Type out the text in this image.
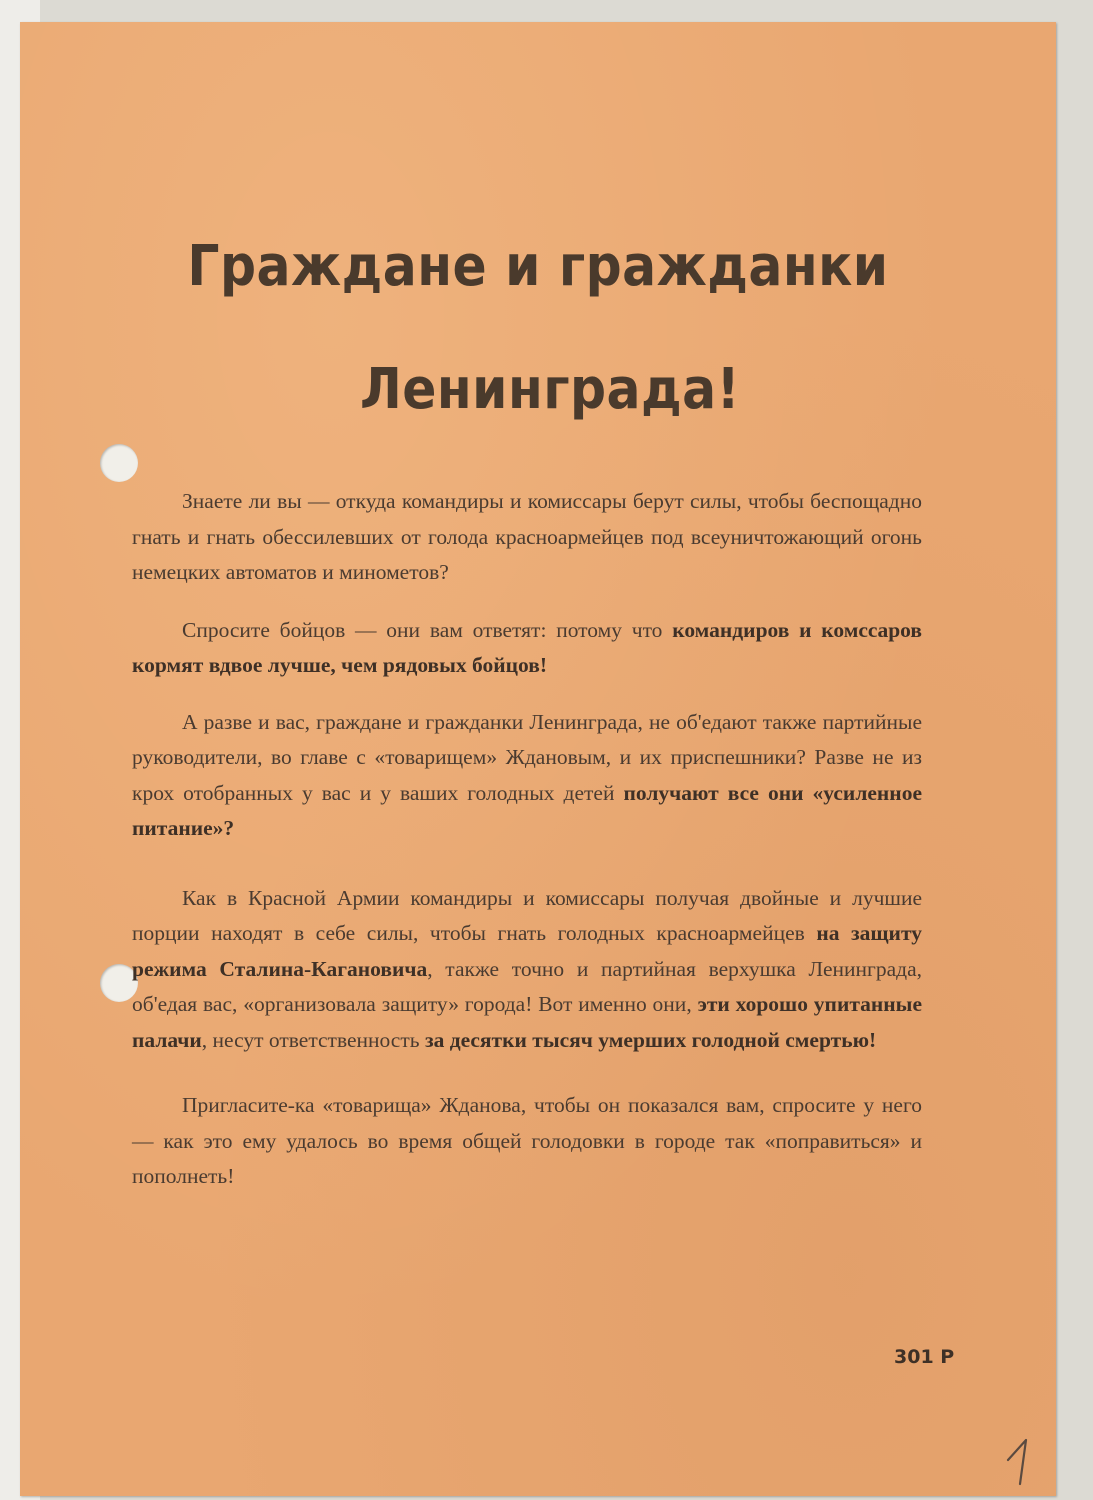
Граждане и гражданки
Ленинграда!

Знаете ли вы — откуда командиры и комиссары берут силы, чтобы беспощадно гнать и гнать обессилевших от голода красноармейцев под всеуничтожающий огонь немецких автоматов и минометов?

Спросите бойцов — они вам ответят: потому что командиров и комсcаров кормят вдвое лучше, чем рядовых бойцов!

А разве и вас, граждане и гражданки Ленинграда, не об'едают также партийные руководители, во главе с «товарищем» Ждановым, и их приспешники? Разве не из крох отобранных у вас и у ваших голодных детей получают все они «усиленное питание»?

Как в Красной Армии командиры и комиссары получая двойные и лучшие порции находят в себе силы, чтобы гнать голодных красноармейцев на защиту режима Сталина-Кагановича, также точно и партийная верхушка Ленинграда, об'едая вас, «организовала защиту» города! Вот именно они, эти хорошо упитанные палачи, несут ответственность за десятки тысяч умерших голодной смертью!

Пригласите-ка «товарища» Жданова, чтобы он показался вам, спросите у него — как это ему удалось во время общей голодовки в городе так «поправиться» и пополнеть!

301 Р
